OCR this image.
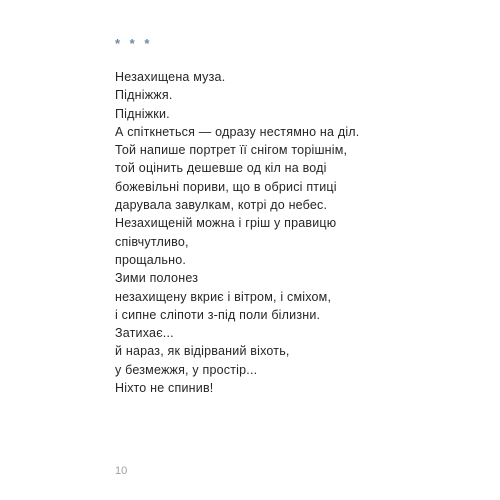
* * *
Незахищена муза.
Підніжжя.
Підніжки.
А спіткнеться — одразу нестямно на діл.
Той напише портрет її снігом торішнім,
той оцінить дешевше од кіл на воді
божевільні пориви, що в обрисі птиці
дарувала завулкам, котрі до небес.
Незахищеній можна і гріш у правицю
співчутливо,
прощально.
Зими полонез
незахищену вкриє і вітром, і сміхом,
і сипне сліпоти з-під поли білизни.
Затихає...
й нараз, як відірваний віхоть,
у безмежжя, у простір...
Ніхто не спинив!
10
